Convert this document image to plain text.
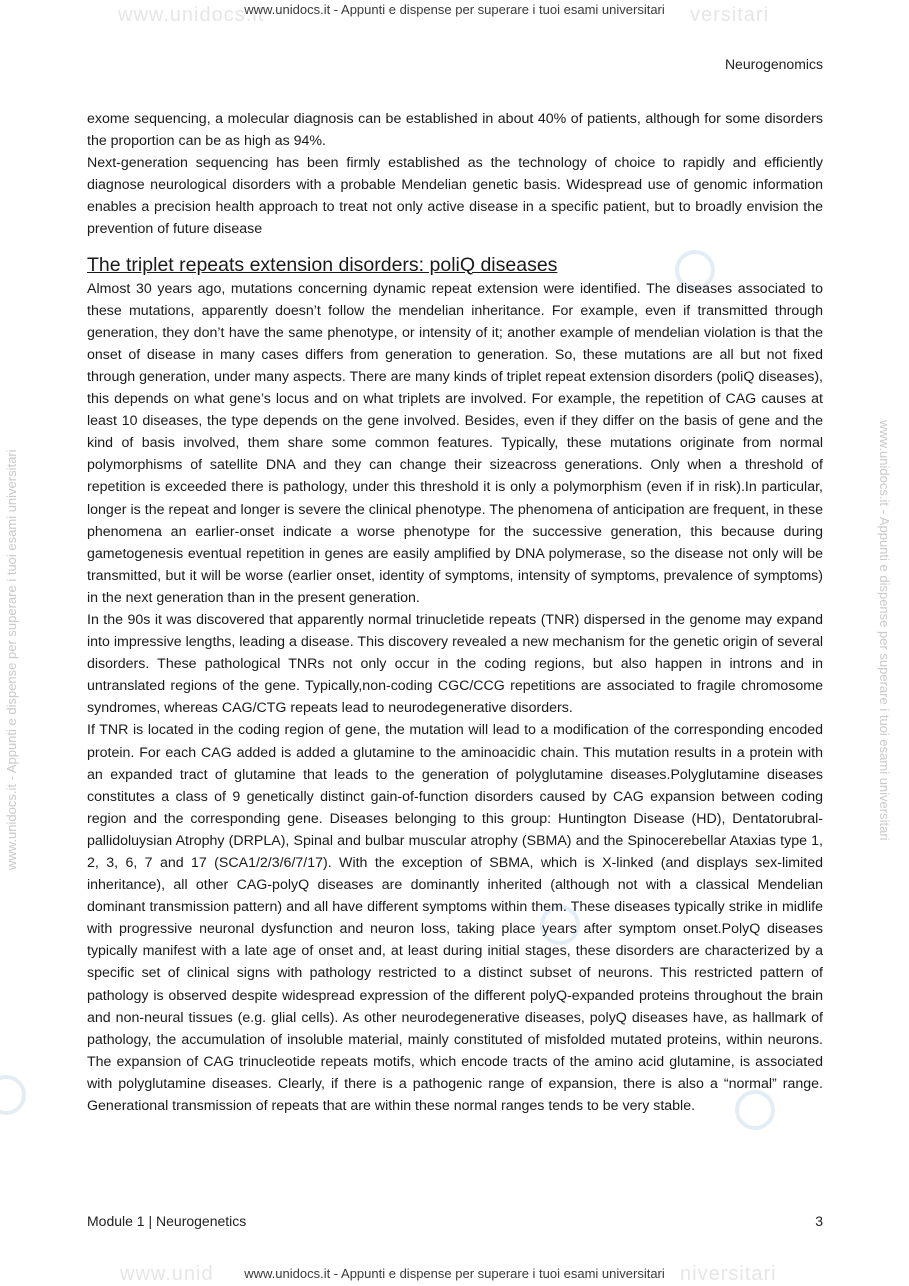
www.unidocs.it	versitari
www.unid	niversitari
www.unidocs.it - Appunti e dispense per superare i tuoi esami universitari
www.unidocs.it - Appunti e dispense per superare i tuoi esami universitari	www.unidocs.it - Appunti e dispense per superare i tuoi esami universitari
Neurogenomics

exome sequencing, a molecular diagnosis can be established in about 40% of patients, although for some disorders the proportion can be as high as 94%.

Next-generation sequencing has been firmly established as the technology of choice to rapidly and efficiently diagnose neurological disorders with a probable Mendelian genetic basis. Widespread use of genomic information enables a precision health approach to treat not only active disease in a specific patient, but to broadly envision the prevention of future disease

The triplet repeats extension disorders: poliQ diseases

Almost 30 years ago, mutations concerning dynamic repeat extension were identified. The diseases associated to these mutations, apparently doesn’t follow the mendelian inheritance. For example, even if transmitted through generation, they don’t have the same phenotype, or intensity of it; another example of mendelian violation is that the onset of disease in many cases differs from generation to generation. So, these mutations are all but not fixed through generation, under many aspects. There are many kinds of triplet repeat extension disorders (poliQ diseases), this depends on what gene’s locus and on what triplets are involved. For example, the repetition of CAG causes at least 10 diseases, the type depends on the gene involved. Besides, even if they differ on the basis of gene and the kind of basis involved, them share some common features. Typically, these mutations originate from normal polymorphisms of satellite DNA and they can change their sizeacross generations. Only when a threshold of repetition is exceeded there is pathology, under this threshold it is only a polymorphism (even if in risk).In particular, longer is the repeat and longer is severe the clinical phenotype. The phenomena of anticipation are frequent, in these phenomena an earlier-onset indicate a worse phenotype for the successive generation, this because during gametogenesis eventual repetition in genes are easily amplified by DNA polymerase, so the disease not only will be transmitted, but it will be worse (earlier onset, identity of symptoms, intensity of symptoms, prevalence of symptoms) in the next generation than in the present generation.

In the 90s it was discovered that apparently normal trinucletide repeats (TNR) dispersed in the genome may expand into impressive lengths, leading a disease. This discovery revealed a new mechanism for the genetic origin of several disorders. These pathological TNRs not only occur in the coding regions, but also happen in introns and in untranslated regions of the gene. Typically,non-coding CGC/CCG repetitions are associated to fragile chromosome syndromes, whereas CAG/CTG repeats lead to neurodegenerative disorders.

If TNR is located in the coding region of gene, the mutation will lead to a modification of the corresponding encoded protein. For each CAG added is added a glutamine to the aminoacidic chain. This mutation results in a protein with an expanded tract of glutamine that leads to the generation of polyglutamine diseases.Polyglutamine diseases constitutes a class of 9 genetically distinct gain-of-function disorders caused by CAG expansion between coding region and the corresponding gene. Diseases belonging to this group: Huntington Disease (HD), Dentatorubral-pallidoluysian Atrophy (DRPLA), Spinal and bulbar muscular atrophy (SBMA) and the Spinocerebellar Ataxias type 1, 2, 3, 6, 7 and 17 (SCA1/2/3/6/7/17). With the exception of SBMA, which is X-linked (and displays sex-limited inheritance), all other CAG-polyQ diseases are dominantly inherited (although not with a classical Mendelian dominant transmission pattern) and all have different symptoms within them. These diseases typically strike in midlife with progressive neuronal dysfunction and neuron loss, taking place years after symptom onset.PolyQ diseases typically manifest with a late age of onset and, at least during initial stages, these disorders are characterized by a specific set of clinical signs with pathology restricted to a distinct subset of neurons. This restricted pattern of pathology is observed despite widespread expression of the different polyQ-expanded proteins throughout the brain and non-neural tissues (e.g. glial cells). As other neurodegenerative diseases, polyQ diseases have, as hallmark of pathology, the accumulation of insoluble material, mainly constituted of misfolded mutated proteins, within neurons. The expansion of CAG trinucleotide repeats motifs, which encode tracts of the amino acid glutamine, is associated with polyglutamine diseases. Clearly, if there is a pathogenic range of expansion, there is also a “normal” range. Generational transmission of repeats that are within these normal ranges tends to be very stable.

Module 1 | Neurogenetics	3
www.unidocs.it - Appunti e dispense per superare i tuoi esami universitari
